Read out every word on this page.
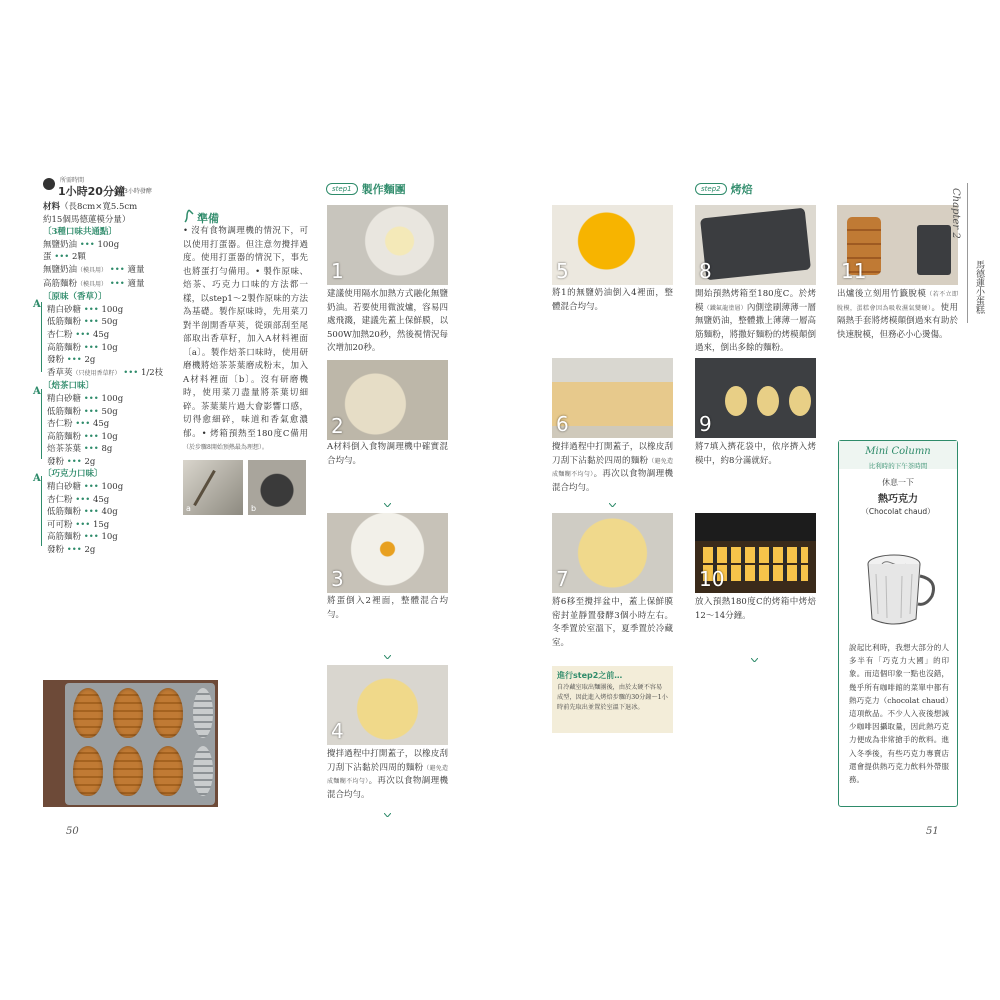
所需時間
1小時20分鐘
＋3小時發酵
材料（長8cm×寬5.5cm
約15個馬德蓮模分量）
〔3種口味共通點〕
無鹽奶油 ••• 100g
蛋 ••• 2顆
無鹽奶油（模具用） ••• 適量
高筋麵粉（模具用） ••• 適量
〔原味（香草）〕
精白砂糖 ••• 100g
低筋麵粉 ••• 50g
杏仁粉 ••• 45g
高筋麵粉 ••• 10g
發粉 ••• 2g
香草莢（只使用香草籽） ••• 1/2枝
〔焙茶口味〕
精白砂糖 ••• 100g
低筋麵粉 ••• 50g
杏仁粉 ••• 45g
高筋麵粉 ••• 10g
焙茶茶葉 ••• 8g
發粉 ••• 2g
〔巧克力口味〕
精白砂糖 ••• 100g
杏仁粉 ••• 45g
低筋麵粉 ••• 40g
可可粉 ••• 15g
高筋麵粉 ••• 10g
發粉 ••• 2g
A
A
A
準備
• 沒有食物調理機的情況下，可以使用打蛋器。但注意勿攪拌過度。使用打蛋器的情況下，事先也將蛋打勻備用。• 製作原味、焙茶、巧克力口味的方法都一樣，以step1～2製作原味的方法為基礎。製作原味時，先用菜刀對半剖開香草莢，從頭部刮至尾部取出香草籽，加入A材料裡面〔a〕。製作焙茶口味時，使用研磨機將焙茶茶葉磨成粉末，加入A材料裡面〔b〕。沒有研磨機時，使用菜刀盡量將茶葉切細碎。茶葉葉片過大會影響口感，切得愈細碎，味道和香氣愈濃郁。• 烤箱預熱至180度C備用（於步驟8開始預熱最為理想）。
a	b
step1 製作麵團
1
建議使用隔水加熱方式融化無鹽奶油。若要使用微波爐，容易四處飛濺，建議先蓋上保鮮膜，以500W加熱20秒，然後視情況每次增加20秒。
2
A材料倒入食物調理機中確實混合均勻。
3
將蛋倒入2裡面，整體混合均勻。
4
攪拌過程中打開蓋子，以橡皮刮刀刮下沾黏於四周的麵粉（避免造成麵糊不均勻）。再次以食物調理機混合均勻。
50
5
將1的無鹽奶油倒入4裡面，整體混合均勻。
6
攪拌過程中打開蓋子，以橡皮刮刀刮下沾黏於四周的麵粉（避免造成麵糊不均勻）。再次以食物調理機混合均勻。
7
將6移至攪拌盆中，蓋上保鮮膜密封並靜置發酵3個小時左右。冬季置於室溫下，夏季置於冷藏室。
進行step2之前…
自冷藏室取出麵團後，由於太硬不容易成型，因此進入烤焙步驟的30分鐘～1小時前先取出並置於室溫下退冰。
step2 烤焙
8
開始預熱烤箱至180度C。於烤模（鐵氟龍塗層）內側塗刷薄薄一層無鹽奶油，整體撒上薄薄一層高筋麵粉，將撒好麵粉的烤模顛倒過來，倒出多餘的麵粉。
9
將7填入擠花袋中，依序擠入烤模中，約8分滿就好。
10
放入預熱180度C的烤箱中烤焙12～14分鐘。
11
出爐後立刻用竹籤脫模（若不立即脫模，蛋糕會因為吸收濕氣變硬）。使用隔熱手套將烤模顛倒過來有助於快速脫模，但務必小心燙傷。
Chapter 2
馬德蓮小蛋糕
Mini Column
比利時的下午茶時間
休息一下
熱巧克力
（Chocolat chaud）
說起比利時，我想大部分的人多半有「巧克力大國」的印象。而這個印象一點也沒錯，幾乎所有咖啡館的菜單中都有熱巧克力（chocolat chaud）這項飲品。不少人入夜後想減少咖啡因攝取量，因此熱巧克力便成為非常搶手的飲料。進入冬季後，有些巧克力專賣店還會提供熱巧克力飲料外帶服務。
51
